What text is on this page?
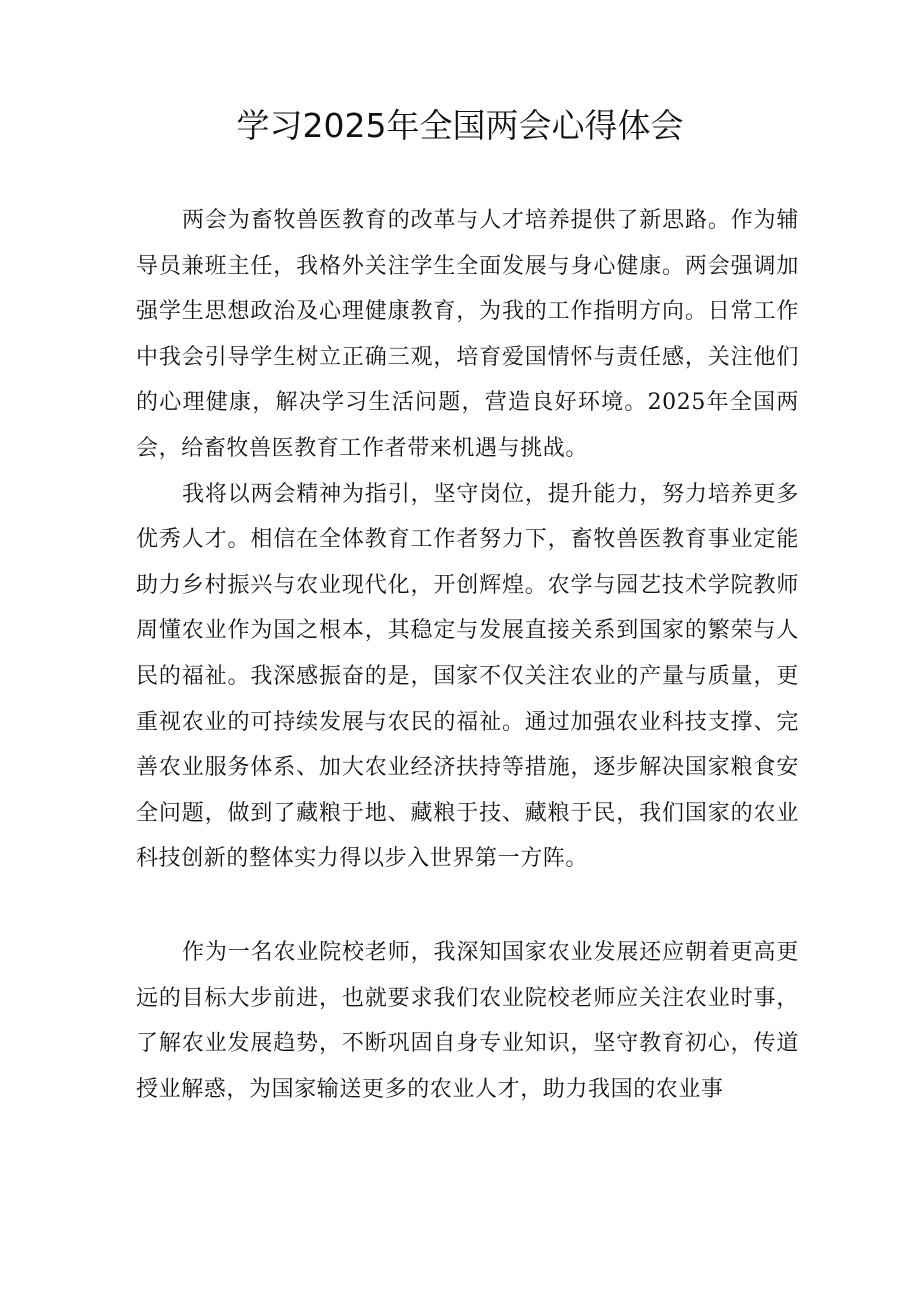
学习2025年全国两会心得体会

两会为畜牧兽医教育的改革与人才培养提供了新思路。作为辅导员兼班主任，我格外关注学生全面发展与身心健康。两会强调加强学生思想政治及心理健康教育，为我的工作指明方向。日常工作中我会引导学生树立正确三观，培育爱国情怀与责任感，关注他们的心理健康，解决学习生活问题，营造良好环境。2025年全国两会，给畜牧兽医教育工作者带来机遇与挑战。

我将以两会精神为指引，坚守岗位，提升能力，努力培养更多优秀人才。相信在全体教育工作者努力下，畜牧兽医教育事业定能助力乡村振兴与农业现代化，开创辉煌。农学与园艺技术学院教师周懂农业作为国之根本，其稳定与发展直接关系到国家的繁荣与人民的福祉。我深感振奋的是，国家不仅关注农业的产量与质量，更重视农业的可持续发展与农民的福祉。通过加强农业科技支撑、完善农业服务体系、加大农业经济扶持等措施，逐步解决国家粮食安全问题，做到了藏粮于地、藏粮于技、藏粮于民，我们国家的农业科技创新的整体实力得以步入世界第一方阵。

作为一名农业院校老师，我深知国家农业发展还应朝着更高更远的目标大步前进，也就要求我们农业院校老师应关注农业时事，了解农业发展趋势，不断巩固自身专业知识，坚守教育初心，传道授业解惑，为国家输送更多的农业人才，助力我国的农业事
